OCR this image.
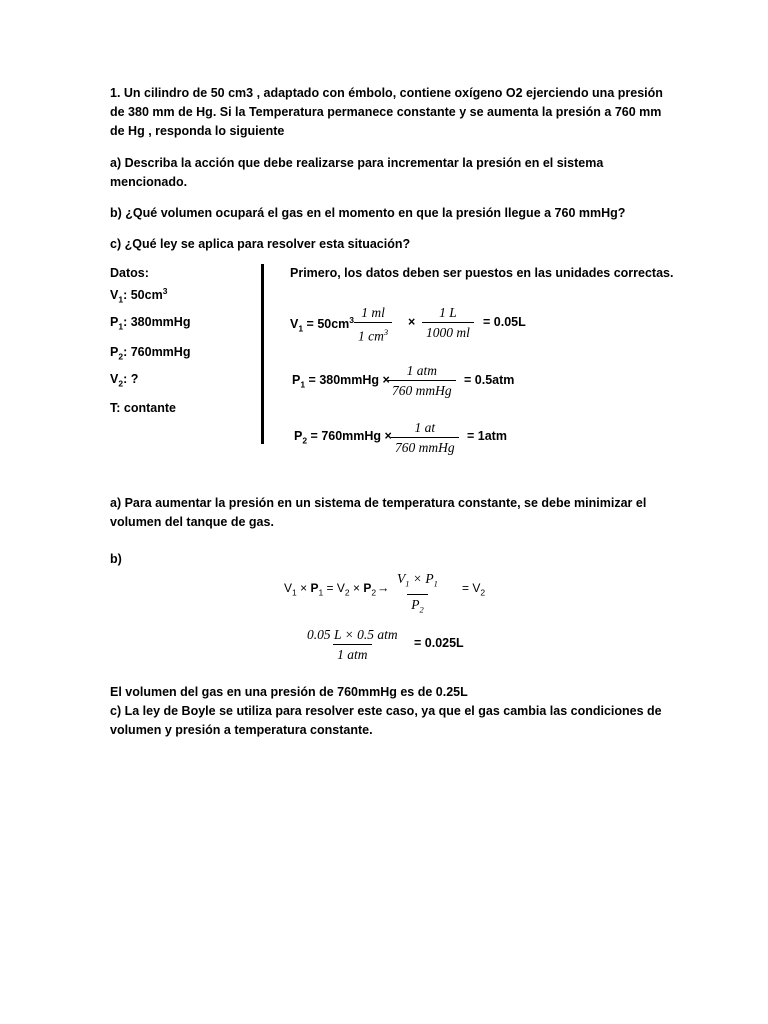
1. Un cilindro de 50 cm3 , adaptado con émbolo, contiene oxígeno O2 ejerciendo una presión
de 380 mm de Hg. Si la Temperatura permanece constante y se aumenta la presión a 760 mm
de Hg , responda lo siguiente
a) Describa la acción que debe realizarse para incrementar la presión en el sistema
mencionado.
b) ¿Qué volumen ocupará el gas en el momento en que la presión llegue a 760 mmHg?
c) ¿Qué ley se aplica para resolver esta situación?
Datos:
$V_1$: $50cm^3$
$P_1$: 380mmHg
$P_2$: 760mmHg
$V_2$: ?
T: contante
Primero, los datos deben ser puestos en las unidades correctas.
$V_1 = 50cm^3 \frac{1 ml}{1 cm^3} \times \frac{1 L}{1000 ml} = 0.05L$
$P_1$ = 380mmHg ×
1 atm
760 mmHg
= 0.5atm
$P_2$ = 760mmHg ×
1 at
760 mmHg
= 1atm
a) Para aumentar la presión en un sistema de temperatura constante, se debe minimizar el
volumen del tanque de gas.
b)
$V_1 \times P_1 = V_2 \times P_2 \to \frac{V_1 \times P_1}{P_2} = V_2$
0.05 L × 0.5 atm
1 atm
= 0.025L
El volumen del gas en una presión de 760mmHg es de 0.25L
c) La ley de Boyle se utiliza para resolver este caso, ya que el gas cambia las condiciones de
volumen y presión a temperatura constante.
